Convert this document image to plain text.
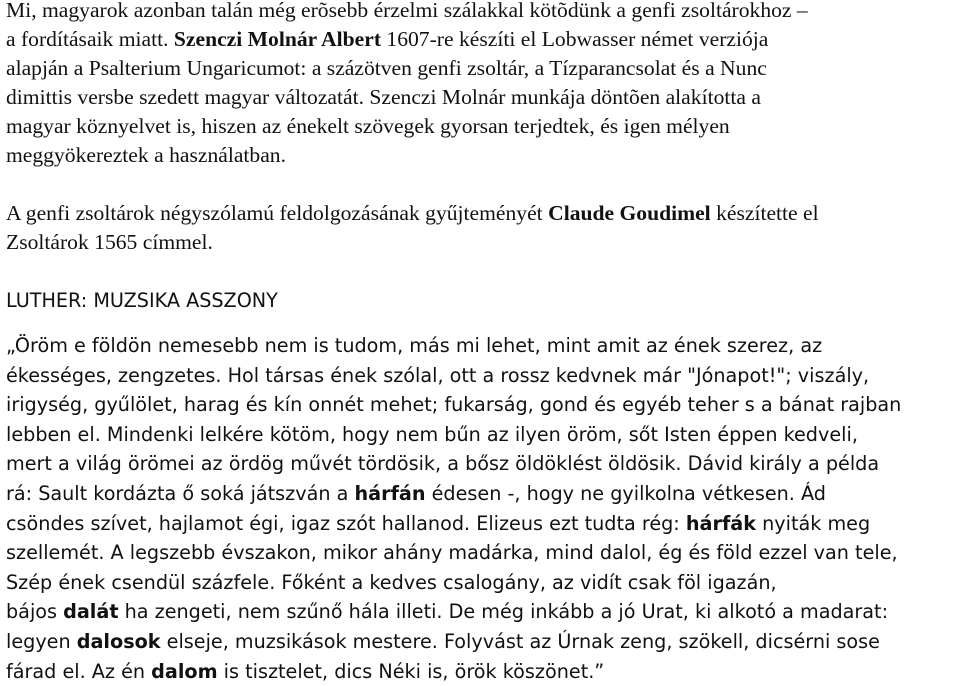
Mi, magyarok azonban talán még erõsebb érzelmi szálakkal kötõdünk a genfi zsoltárokhoz –
a fordításaik miatt. Szenczi Molnár Albert 1607-re készíti el Lobwasser német verziója
alapján a Psalterium Ungaricumot: a százötven genfi zsoltár, a Tízparancsolat és a Nunc
dimittis versbe szedett magyar változatát. Szenczi Molnár munkája döntõen alakította a
magyar köznyelvet is, hiszen az énekelt szövegek gyorsan terjedtek, és igen mélyen
meggyökereztek a használatban.
A genfi zsoltárok négyszólamú feldolgozásának gyűjteményét Claude Goudimel készítette el
Zsoltárok 1565 címmel.
LUTHER: MUZSIKA ASSZONY
„Öröm e földön nemesebb nem is tudom, más mi lehet, mint amit az ének szerez, az
ékességes, zengzetes. Hol társas ének szólal, ott a rossz kedvnek már "Jónapot!"; viszály,
irigység, gyűlölet, harag és kín onnét mehet; fukarság, gond és egyéb teher s a bánat rajban
lebben el. Mindenki lelkére kötöm, hogy nem bűn az ilyen öröm, sőt Isten éppen kedveli,
mert a világ örömei az ördög művét tördösik, a bősz öldöklést öldösik. Dávid király a példa
rá: Sault kordázta ő soká játszván a hárfán édesen -, hogy ne gyilkolna vétkesen. Ád
csöndes szívet, hajlamot égi, igaz szót hallanod. Elizeus ezt tudta rég: hárfák nyiták meg
szellemét. A legszebb évszakon, mikor ahány madárka, mind dalol, ég és föld ezzel van tele,
Szép ének csendül százfele. Főként a kedves csalogány, az vidít csak föl igazán,
bájos dalát ha zengeti, nem szűnő hála illeti. De még inkább a jó Urat, ki alkotó a madarat:
legyen dalosok elseje, muzsikások mestere. Folyvást az Úrnak zeng, szökell, dicsérni sose
fárad el. Az én dalom is tisztelet, dics Néki is, örök köszönet.”
